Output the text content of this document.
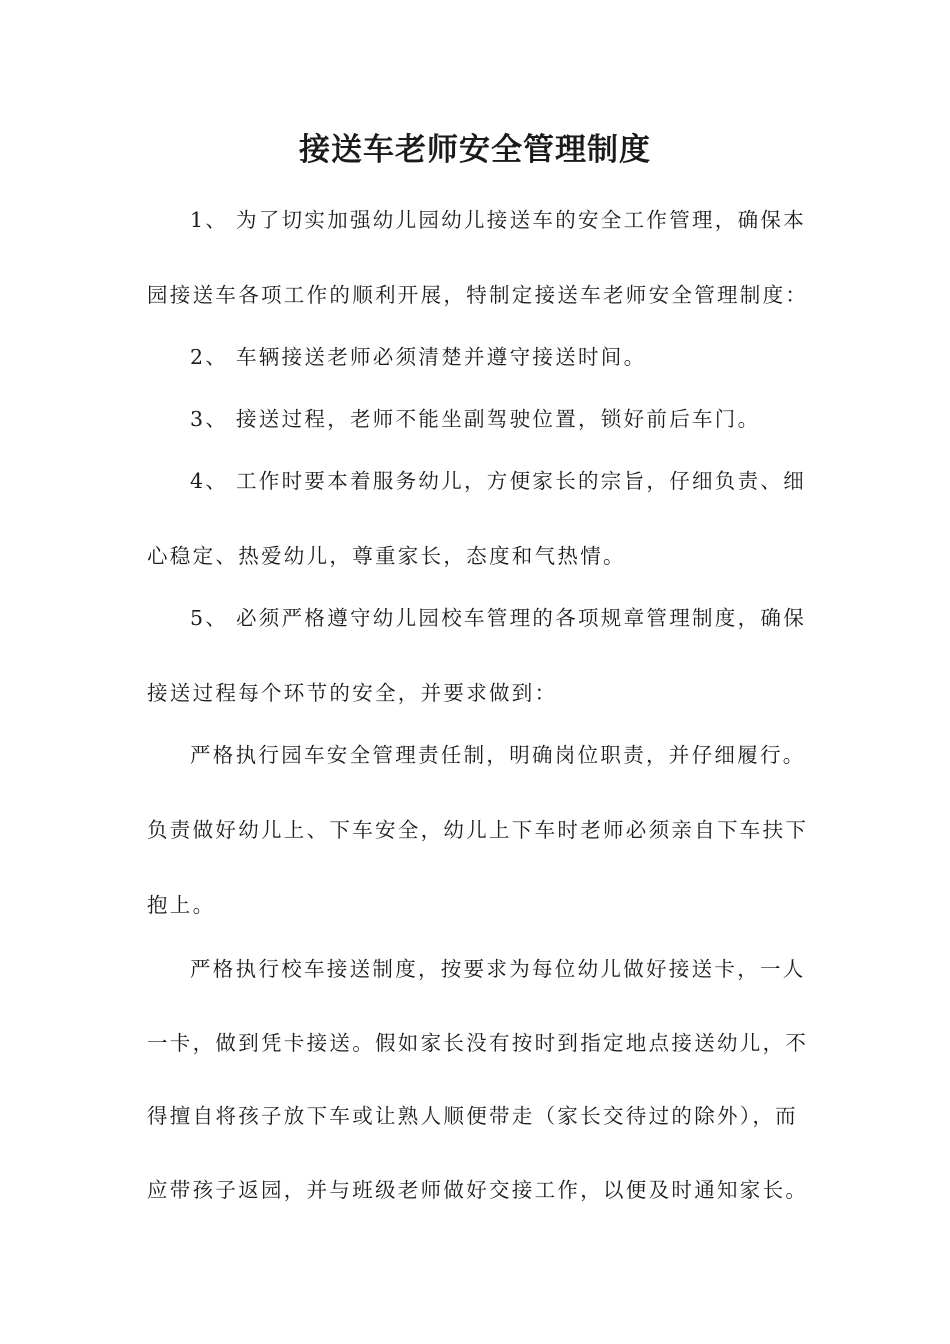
接送车老师安全管理制度
1、 为了切实加强幼儿园幼儿接送车的安全工作管理，确保本
园接送车各项工作的顺利开展，特制定接送车老师安全管理制度：
2、 车辆接送老师必须清楚并遵守接送时间。
3、 接送过程，老师不能坐副驾驶位置，锁好前后车门。
4、 工作时要本着服务幼儿，方便家长的宗旨，仔细负责、细
心稳定、热爱幼儿，尊重家长，态度和气热情。
5、 必须严格遵守幼儿园校车管理的各项规章管理制度，确保
接送过程每个环节的安全，并要求做到：
严格执行园车安全管理责任制，明确岗位职责，并仔细履行。
负责做好幼儿上、下车安全，幼儿上下车时老师必须亲自下车扶下
抱上。
严格执行校车接送制度，按要求为每位幼儿做好接送卡，一人
一卡，做到凭卡接送。假如家长没有按时到指定地点接送幼儿，不
得擅自将孩子放下车或让熟人顺便带走（家长交待过的除外），而
应带孩子返园，并与班级老师做好交接工作，以便及时通知家长。
